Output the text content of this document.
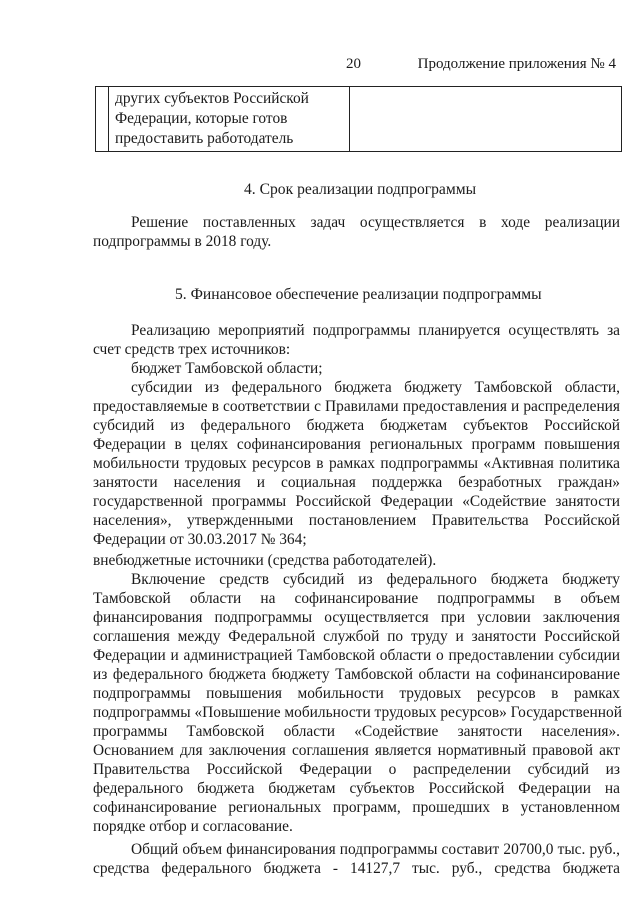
20	Продолжение приложения № 4

других субъектов Российской
Федерации, которые готов
предоставить работодатель

4. Срок реализации подпрограммы
Решение поставленных задач осуществляется в ходе реализации
подпрограммы в 2018 году.
5. Финансовое обеспечение реализации подпрограммы
Реализацию мероприятий подпрограммы планируется осуществлять за
счет средств трех источников:
бюджет Тамбовской области;
субсидии из федерального бюджета бюджету Тамбовской области,
предоставляемые в соответствии с Правилами предоставления и распределения
субсидий из федерального бюджета бюджетам субъектов Российской
Федерации в целях софинансирования региональных программ повышения
мобильности трудовых ресурсов в рамках подпрограммы «Активная политика
занятости населения и социальная поддержка безработных граждан»
государственной программы Российской Федерации «Содействие занятости
населения», утвержденными постановлением Правительства Российской
Федерации от 30.03.2017 № 364;
внебюджетные источники (средства работодателей).
Включение средств субсидий из федерального бюджета бюджету
Тамбовской области на софинансирование подпрограммы в объем
финансирования подпрограммы осуществляется при условии заключения
соглашения между Федеральной службой по труду и занятости Российской
Федерации и администрацией Тамбовской области о предоставлении субсидии
из федерального бюджета бюджету Тамбовской области на софинансирование
подпрограммы повышения мобильности трудовых ресурсов в рамках
подпрограммы «Повышение мобильности трудовых ресурсов» Государственной
программы Тамбовской области «Содействие занятости населения».
Основанием для заключения соглашения является нормативный правовой акт
Правительства Российской Федерации о распределении субсидий из
федерального бюджета бюджетам субъектов Российской Федерации на
софинансирование региональных программ, прошедших в установленном
порядке отбор и согласование.
Общий объем финансирования подпрограммы составит 20700,0 тыс. руб.,
средства федерального бюджета - 14127,7 тыс. руб., средства бюджета
